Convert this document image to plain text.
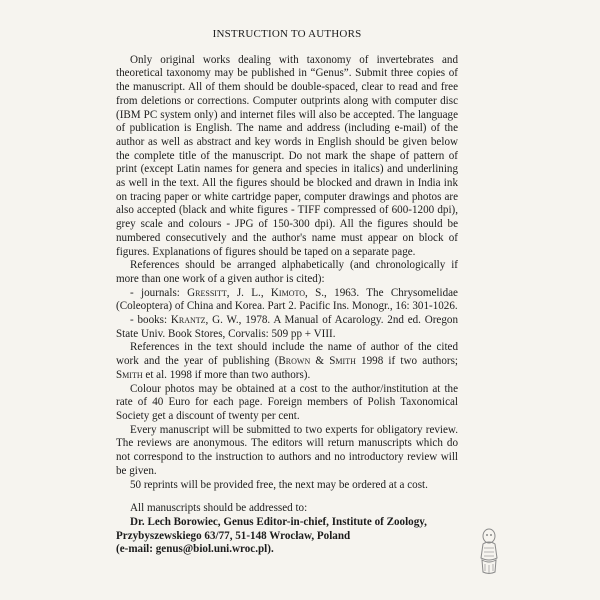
INSTRUCTION TO AUTHORS

Only original works dealing with taxonomy of invertebrates and theoretical taxonomy may be published in “Genus”. Submit three copies of the manuscript. All of them should be double-spaced, clear to read and free from deletions or corrections. Computer outprints along with computer disc (IBM PC system only) and internet files will also be accepted. The language of publication is English. The name and address (including e-mail) of the author as well as abstract and key words in English should be given below the complete title of the manuscript. Do not mark the shape of pattern of print (except Latin names for genera and species in italics) and underlining as well in the text. All the figures should be blocked and drawn in India ink on tracing paper or white cartridge paper, computer drawings and photos are also accepted (black and white figures - TIFF compressed of 600-1200 dpi), grey scale and colours - JPG of 150-300 dpi). All the figures should be numbered consecutively and the author's name must appear on block of figures. Explanations of figures should be taped on a separate page.

References should be arranged alphabetically (and chronologically if more than one work of a given author is cited):

- journals: Gressitt, J. L., Kimoto, S., 1963. The Chrysomelidae (Coleoptera) of China and Korea. Part 2. Pacific Ins. Monogr., 16: 301-1026.

- books: Krantz, G. W., 1978. A Manual of Acarology. 2nd ed. Oregon State Univ. Book Stores, Corvalis: 509 pp + VIII.

References in the text should include the name of author of the cited work and the year of publishing (Brown & Smith 1998 if two authors; Smith et al. 1998 if more than two authors).

Colour photos may be obtained at a cost to the author/institution at the rate of 40 Euro for each page. Foreign members of Polish Taxonomical Society get a discount of twenty per cent.

Every manuscript will be submitted to two experts for obligatory review. The reviews are anonymous. The editors will return manuscripts which do not correspond to the instruction to authors and no introductory review will be given.

50 reprints will be provided free, the next may be ordered at a cost.

All manuscripts should be addressed to:

Dr. Lech Borowiec, Genus Editor-in-chief, Institute of Zoology,

Przybyszewskiego 63/77, 51-148 Wrocław, Poland

(e-mail: genus@biol.uni.wroc.pl).
